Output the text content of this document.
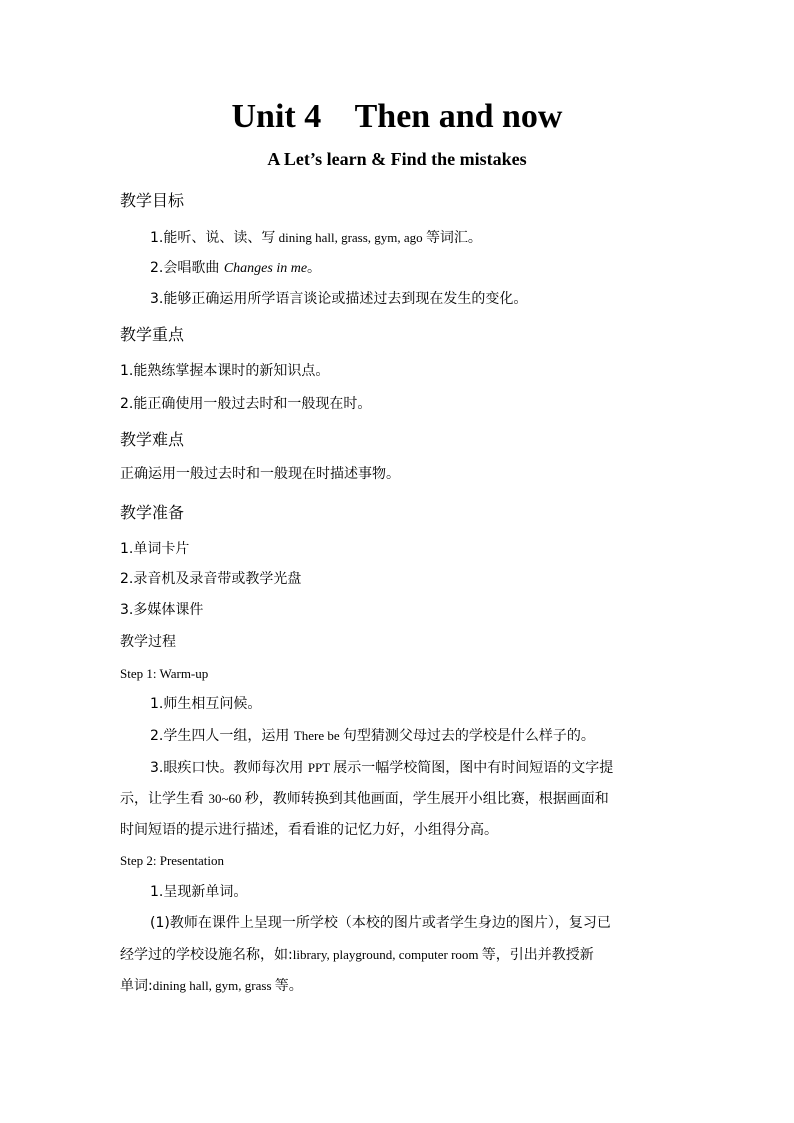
Unit 4    Then and now
A Let’s learn & Find the mistakes
教学目标
1.能听、说、读、写 dining hall, grass, gym, ago 等词汇。
2.会唱歌曲 Changes in me。
3.能够正确运用所学语言谈论或描述过去到现在发生的变化。
教学重点
1.能熟练掌握本课时的新知识点。
2.能正确使用一般过去时和一般现在时。
教学难点
正确运用一般过去时和一般现在时描述事物。
教学准备
1.单词卡片
2.录音机及录音带或教学光盘
3.多媒体课件
教学过程
Step 1: Warm-up
1.师生相互问候。
2.学生四人一组，运用 There be 句型猜测父母过去的学校是什么样子的。
3.眼疾口快。教师每次用 PPT 展示一幅学校简图，图中有时间短语的文字提
示，让学生看 30~60 秒，教师转换到其他画面，学生展开小组比赛，根据画面和
时间短语的提示进行描述，看看谁的记忆力好，小组得分高。
Step 2: Presentation
1.呈现新单词。
(1)教师在课件上呈现一所学校（本校的图片或者学生身边的图片），复习已
经学过的学校设施名称，如:library, playground, computer room 等，引出并教授新
单词:dining hall, gym, grass 等。
